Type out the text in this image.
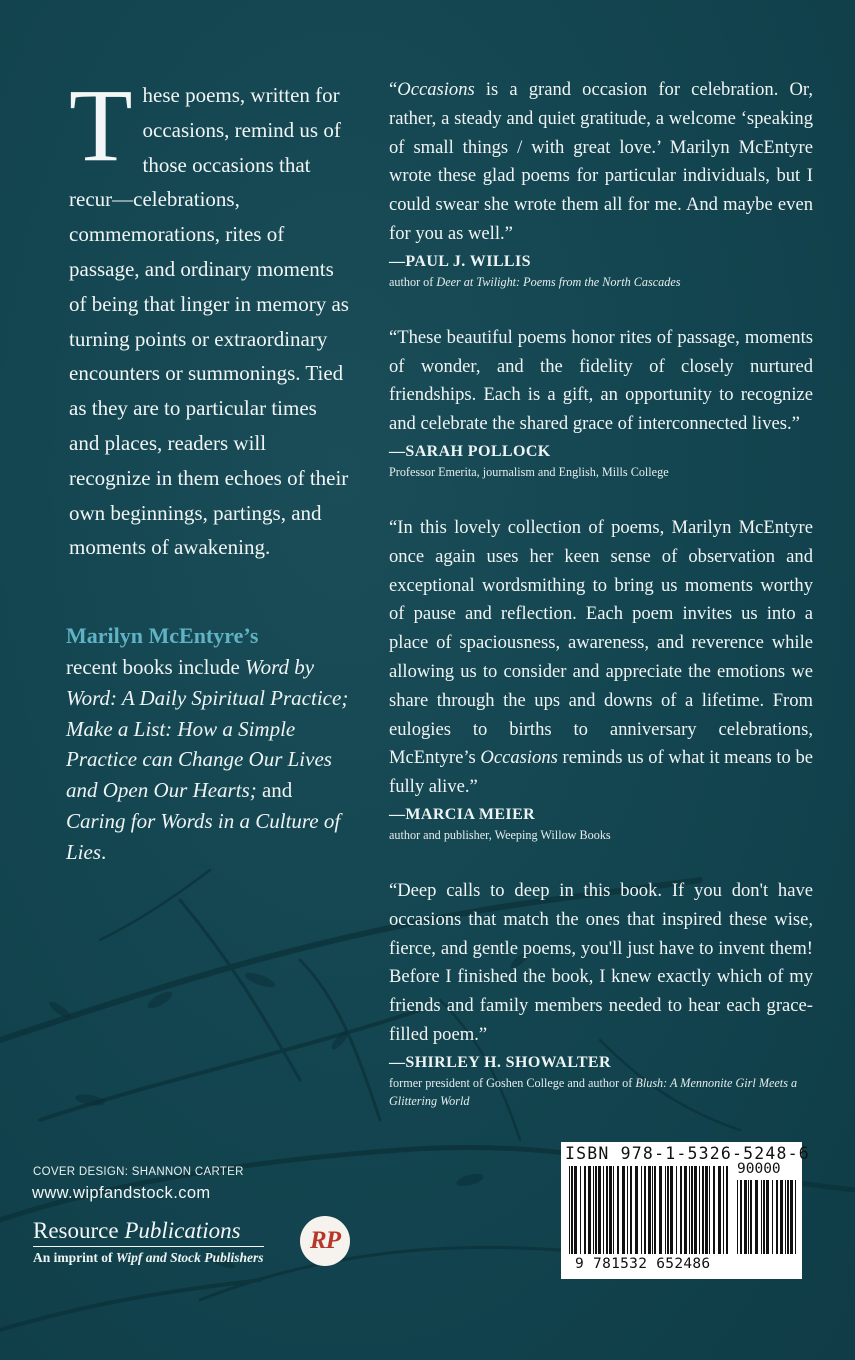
These poems, written for occasions, remind us of those occasions that recur—celebrations, commemorations, rites of passage, and ordinary moments of being that linger in memory as turning points or extraordinary encounters or summonings. Tied as they are to particular times and places, readers will recognize in them echoes of their own beginnings, partings, and moments of awakening.
Marilyn McEntyre’s
recent books include Word by Word: A Daily Spiritual Practice; Make a List: How a Simple Practice can Change Our Lives and Open Our Hearts; and Caring for Words in a Culture of Lies.

“Occasions is a grand occasion for celebration. Or, rather, a steady and quiet gratitude, a welcome ‘speaking of small things / with great love.’ Marilyn McEntyre wrote these glad poems for particular individuals, but I could swear she wrote them all for me. And maybe even for you as well.”

—PAUL J. WILLIS
author of Deer at Twilight: Poems from the North Cascades

“These beautiful poems honor rites of passage, moments of wonder, and the fidelity of closely nurtured friendships. Each is a gift, an opportunity to recognize and celebrate the shared grace of interconnected lives.”

—SARAH POLLOCK
Professor Emerita, journalism and English, Mills College

“In this lovely collection of poems, Marilyn McEntyre once again uses her keen sense of observation and exceptional wordsmithing to bring us moments worthy of pause and reflection. Each poem invites us into a place of spaciousness, awareness, and reverence while allowing us to consider and appreciate the emotions we share through the ups and downs of a lifetime. From eulogies to births to anniversary celebrations, McEntyre’s Occasions reminds us of what it means to be fully alive.”

—MARCIA MEIER
author and publisher, Weeping Willow Books

“Deep calls to deep in this book. If you don't have occasions that match the ones that inspired these wise, fierce, and gentle poems, you'll just have to invent them! Before I finished the book, I knew exactly which of my friends and family members needed to hear each grace-filled poem.”

—SHIRLEY H. SHOWALTER
former president of Goshen College and author of Blush: A Mennonite Girl Meets a Glittering World
COVER DESIGN: SHANNON CARTER
www.wipfandstock.com
Resource Publications
An imprint of Wipf and Stock Publishers
RP
ISBN 978-1-5326-5248-6
90000
9 781532 652486
